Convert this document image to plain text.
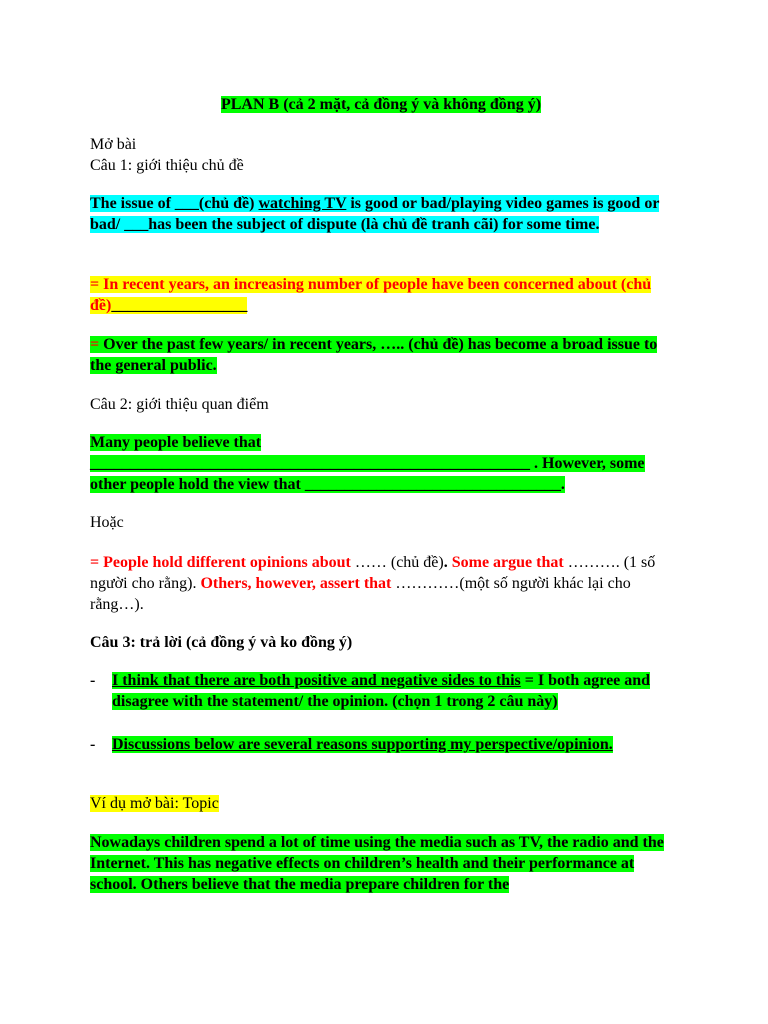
PLAN B (cả 2 mặt, cả đồng ý và không đồng ý)

Mở bài

Câu 1: giới thiệu chủ đề

The issue of ___(chủ đề) watching TV is good or bad/playing video games is good or bad/ ___has been the subject of dispute (là chủ đề tranh cãi) for some time.

= In recent years, an increasing number of people have been concerned about (chủ đề)_________________

= Over the past few years/ in recent years, ….. (chủ đề) has become a broad issue to the general public.

Câu 2: giới thiệu quan điểm

Many people believe that
_______________________________________________________ . However, some other people hold the view that ________________________________.

Hoặc

= People hold different opinions about …… (chủ đề). Some argue that ………. (1 số người cho rằng). Others, however, assert that …………(một số người khác lại cho rằng…).

Câu 3: trả lời (cả đồng ý và ko đồng ý)

-	I think that there are both positive and negative sides to this = I both agree and disagree with the statement/ the opinion. (chọn 1 trong 2 câu này)
-	Discussions below are several reasons supporting my perspective/opinion.

Ví dụ mở bài: Topic

Nowadays children spend a lot of time using the media such as TV, the radio and the Internet. This has negative effects on children’s health and their performance at school. Others believe that the media prepare children for the
